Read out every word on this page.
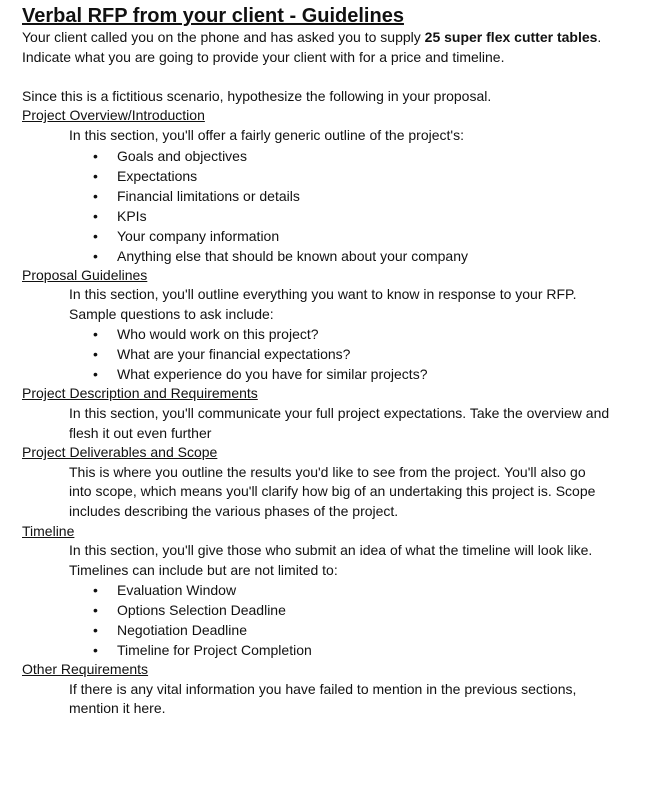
Verbal RFP from your client - Guidelines

Your client called you on the phone and has asked you to supply 25 super flex cutter tables.

Indicate what you are going to provide your client with for a price and timeline.

Since this is a fictitious scenario, hypothesize the following in your proposal.

Project Overview/Introduction

In this section, you'll offer a fairly generic outline of the project's:

• Goals and objectives
• Expectations
• Financial limitations or details
• KPIs
• Your company information
• Anything else that should be known about your company

Proposal Guidelines

In this section, you'll outline everything you want to know in response to your RFP.

Sample questions to ask include:

• Who would work on this project?
• What are your financial expectations?
• What experience do you have for similar projects?

Project Description and Requirements

In this section, you'll communicate your full project expectations. Take the overview and

flesh it out even further

Project Deliverables and Scope

This is where you outline the results you'd like to see from the project. You'll also go

into scope, which means you'll clarify how big of an undertaking this project is. Scope

includes describing the various phases of the project.

Timeline

In this section, you'll give those who submit an idea of what the timeline will look like.

Timelines can include but are not limited to:

• Evaluation Window
• Options Selection Deadline
• Negotiation Deadline
• Timeline for Project Completion

Other Requirements

If there is any vital information you have failed to mention in the previous sections,

mention it here.
